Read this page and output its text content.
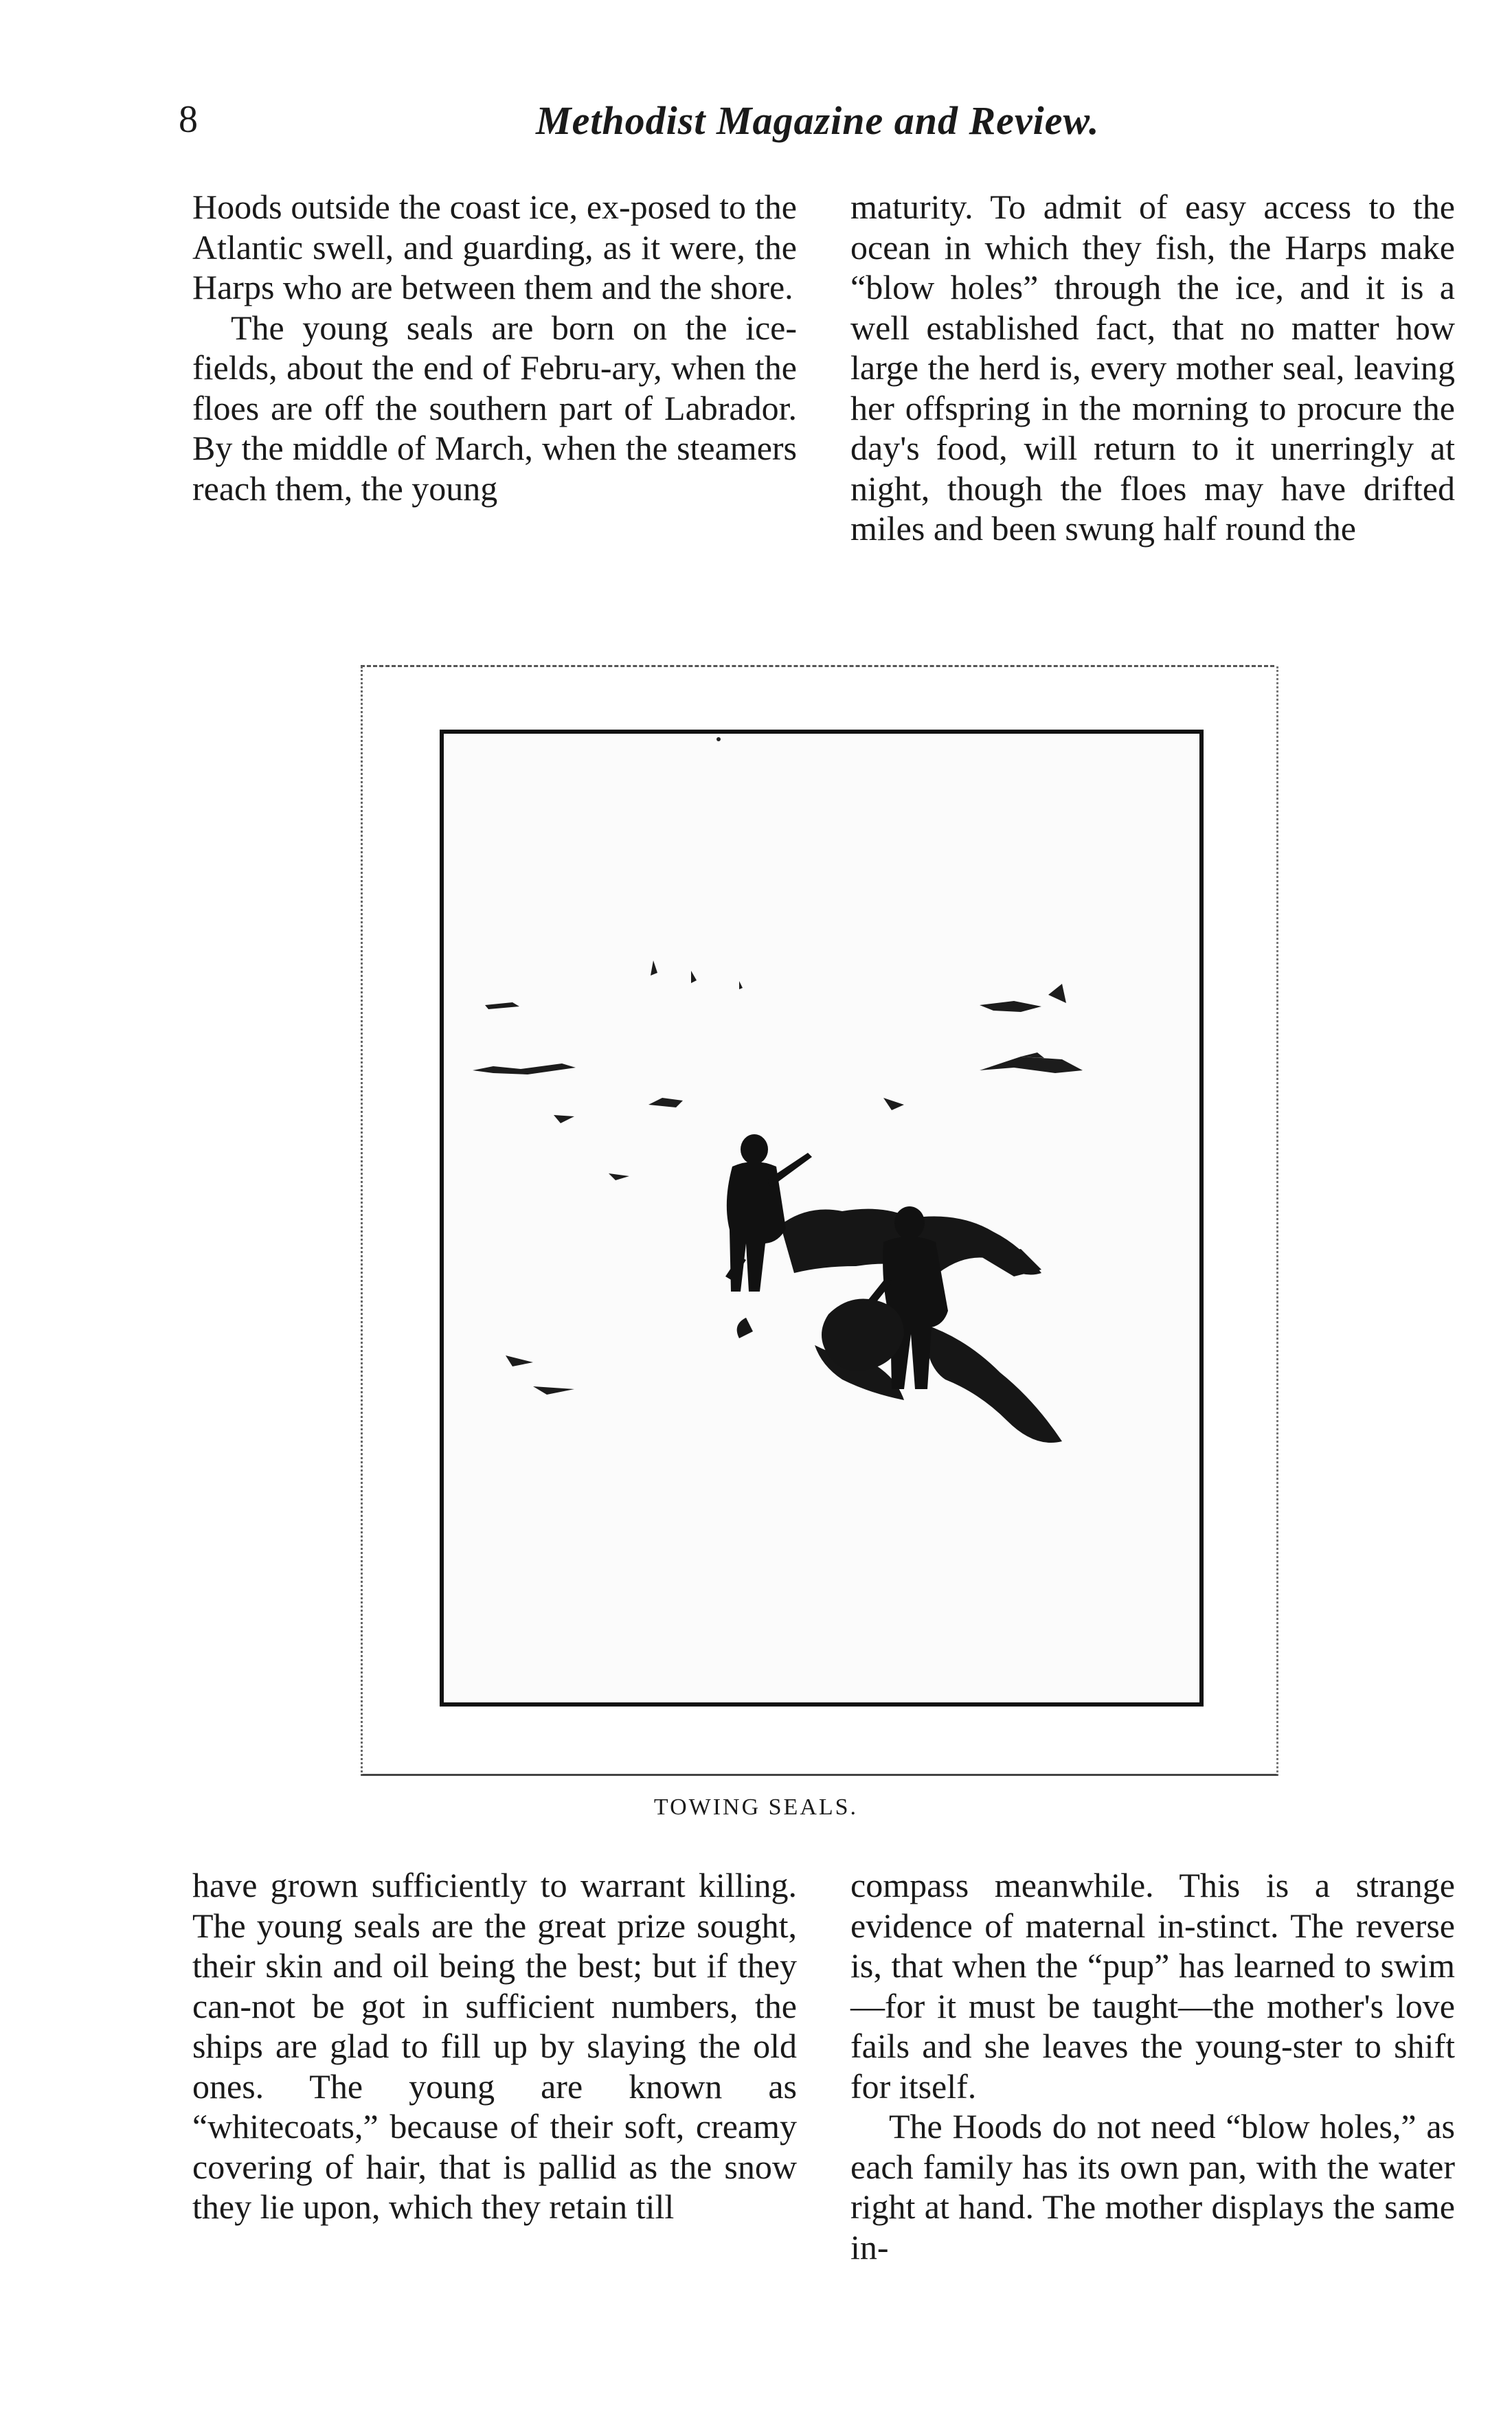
8	Methodist Magazine and Review.

Hoods outside the coast ice, ex-posed to the Atlantic swell, and guarding, as it were, the Harps who are between them and the shore.

The young seals are born on the ice-fields, about the end of Febru-ary, when the floes are off the southern part of Labrador. By the middle of March, when the steamers reach them, the young

maturity. To admit of easy access to the ocean in which they fish, the Harps make “blow holes” through the ice, and it is a well established fact, that no matter how large the herd is, every mother seal, leaving her offspring in the morning to procure the day's food, will return to it unerringly at night, though the floes may have drifted miles and been swung half round the

TOWING SEALS.

have grown sufficiently to warrant killing. The young seals are the great prize sought, their skin and oil being the best; but if they can-not be got in sufficient numbers, the ships are glad to fill up by slaying the old ones. The young are known as “whitecoats,” because of their soft, creamy covering of hair, that is pallid as the snow they lie upon, which they retain till

compass meanwhile. This is a strange evidence of maternal in-stinct. The reverse is, that when the “pup” has learned to swim—for it must be taught—the mother's love fails and she leaves the young-ster to shift for itself.

The Hoods do not need “blow holes,” as each family has its own pan, with the water right at hand. The mother displays the same in-
